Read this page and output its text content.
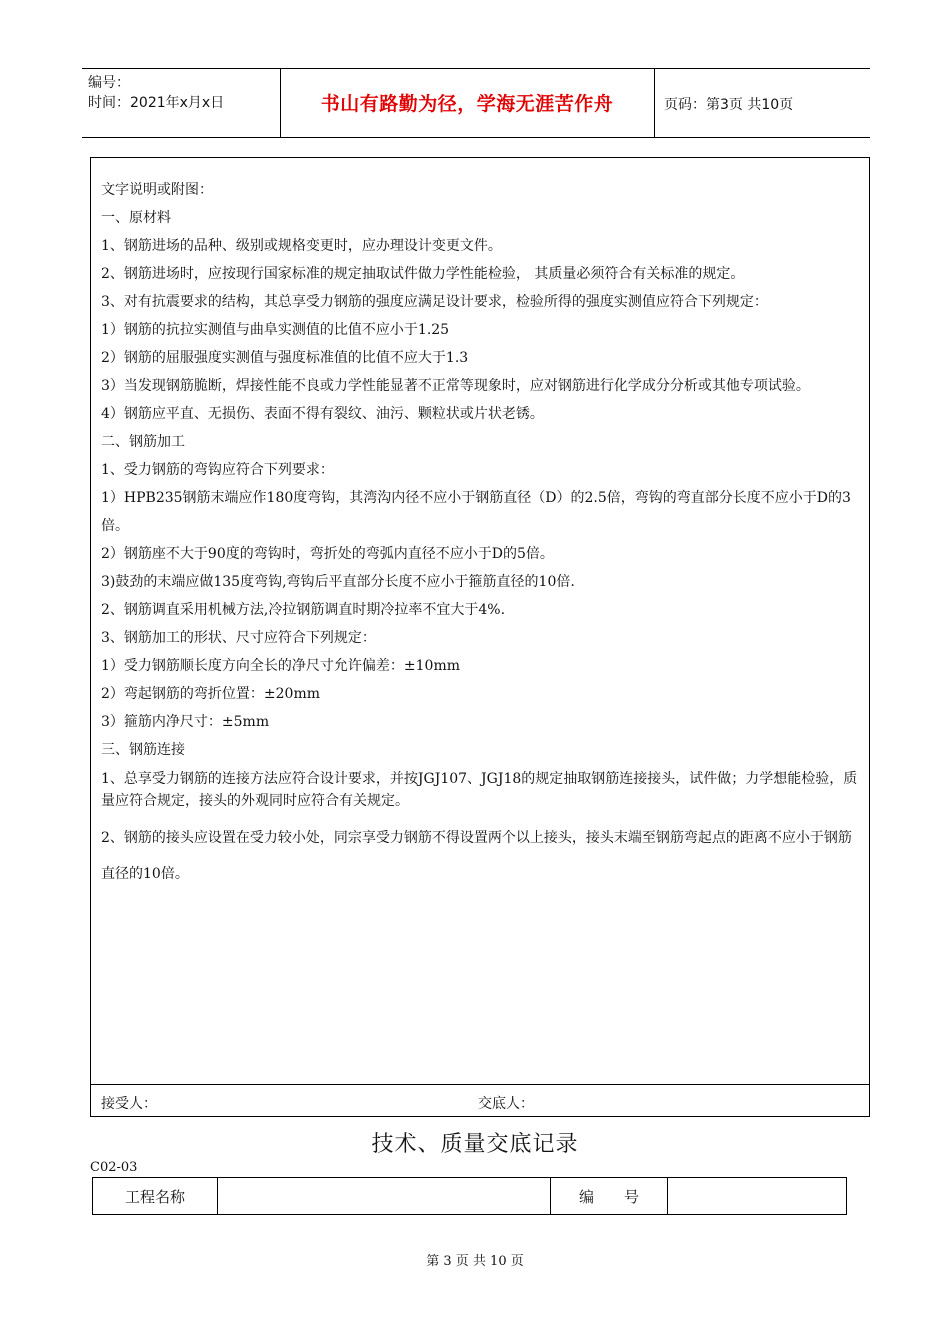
编号：
时间：2021年x月x日	书山有路勤为径，学海无涯苦作舟	页码：第3页 共10页

文字说明或附图：

一、原材料

1、钢筋进场的品种、级别或规格变更时，应办理设计变更文件。

2、钢筋进场时，应按现行国家标准的规定抽取试件做力学性能检验， 其质量必须符合有关标准的规定。

3、对有抗震要求的结构，其总享受力钢筋的强度应满足设计要求，检验所得的强度实测值应符合下列规定：

1）钢筋的抗拉实测值与曲阜实测值的比值不应小于1.25

2）钢筋的屈服强度实测值与强度标准值的比值不应大于1.3

3）当发现钢筋脆断，焊接性能不良或力学性能显著不正常等现象时，应对钢筋进行化学成分分析或其他专项试验。

4）钢筋应平直、无损伤、表面不得有裂纹、油污、颗粒状或片状老锈。

二、钢筋加工

1、受力钢筋的弯钩应符合下列要求：

1）HPB235钢筋末端应作180度弯钩，其湾沟内径不应小于钢筋直径（D）的2.5倍，弯钩的弯直部分长度不应小于D的3倍。

2）钢筋座不大于90度的弯钩时，弯折处的弯弧内直径不应小于D的5倍。

3)鼓劲的末端应做135度弯钩,弯钩后平直部分长度不应小于箍筋直径的10倍.

2、钢筋调直采用机械方法,冷拉钢筋调直时期冷拉率不宜大于4%.

3、钢筋加工的形状、尺寸应符合下列规定：

1）受力钢筋顺长度方向全长的净尺寸允许偏差：±10mm

2）弯起钢筋的弯折位置：±20mm

3）箍筋内净尺寸：±5mm

三、钢筋连接

1、总享受力钢筋的连接方法应符合设计要求，并按JGJ107、JGJ18的规定抽取钢筋连接接头，试件做；力学想能检验，质量应符合规定，接头的外观同时应符合有关规定。

2、钢筋的接头应设置在受力较小处，同宗享受力钢筋不得设置两个以上接头，接头末端至钢筋弯起点的距离不应小于钢筋直径的10倍。

接受人：	交底人：
技术、质量交底记录
C02-03
工程名称		编　　号	
第 3 页 共 10 页
